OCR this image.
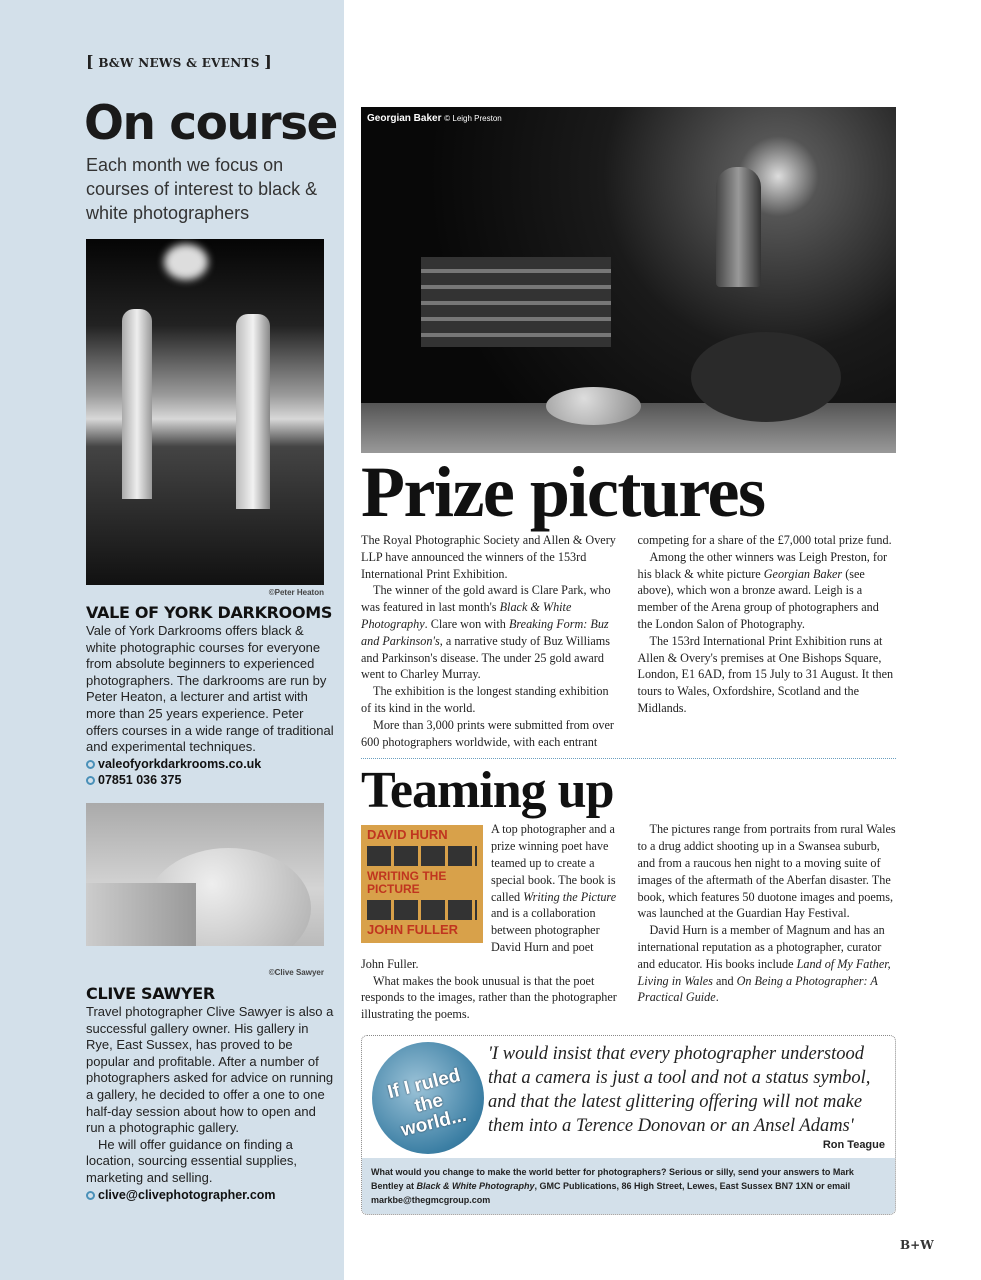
[ B&W NEWS & EVENTS ]
On course
Each month we focus on courses of interest to black & white photographers
©Peter Heaton
VALE OF YORK DARKROOMS
Vale of York Darkrooms offers black & white photographic courses for everyone from absolute beginners to experienced photographers. The darkrooms are run by Peter Heaton, a lecturer and artist with more than 25 years experience. Peter offers courses in a wide range of traditional and experimental techniques.
valeofyorkdarkrooms.co.uk
07851 036 375
©Clive Sawyer
CLIVE SAWYER
Travel photographer Clive Sawyer is also a successful gallery owner. His gallery in Rye, East Sussex, has proved to be popular and profitable. After a number of photographers asked for advice on running a gallery, he decided to offer a one to one half-day session about how to open and run a photographic gallery.
He will offer guidance on finding a location, sourcing essential supplies, marketing and selling.
clive@clivephotographer.com
Georgian Baker © Leigh Preston
Prize pictures

The Royal Photographic Society and Allen & Overy LLP have announced the winners of the 153rd International Print Exhibition.

The winner of the gold award is Clare Park, who was featured in last month's Black & White Photography. Clare won with Breaking Form: Buz and Parkinson's, a narrative study of Buz Williams and Parkinson's disease. The under 25 gold award went to Charley Murray.

The exhibition is the longest standing exhibition of its kind in the world.

More than 3,000 prints were submitted from over 600 photographers worldwide, with each entrant competing for a share of the £7,000 total prize fund.

Among the other winners was Leigh Preston, for his black & white picture Georgian Baker (see above), which won a bronze award. Leigh is a member of the Arena group of photographers and the London Salon of Photography.

The 153rd International Print Exhibition runs at Allen & Overy's premises at One Bishops Square, London, E1 6AD, from 15 July to 31 August. It then tours to Wales, Oxfordshire, Scotland and the Midlands.

Teaming up
DAVID HURN
WRITING THE PICTURE
JOHN FULLER

A top photographer and a prize winning poet have teamed up to create a special book. The book is called Writing the Picture and is a collaboration between photographer David Hurn and poet John Fuller.

What makes the book unusual is that the poet responds to the images, rather than the photographer illustrating the poems.

The pictures range from portraits from rural Wales to a drug addict shooting up in a Swansea suburb, and from a raucous hen night to a moving suite of images of the aftermath of the Aberfan disaster. The book, which features 50 duotone images and poems, was launched at the Guardian Hay Festival.

David Hurn is a member of Magnum and has an international reputation as a photographer, curator and educator. His books include Land of My Father, Living in Wales and On Being a Photographer: A Practical Guide.

If I ruled the world...
'I would insist that every photographer understood that a camera is just a tool and not a status symbol, and that the latest glittering offering will not make them into a Terence Donovan or an Ansel Adams'
Ron Teague
What would you change to make the world better for photographers? Serious or silly, send your answers to Mark Bentley at Black & White Photography, GMC Publications, 86 High Street, Lewes, East Sussex BN7 1XN or email markbe@thegmcgroup.com
B+W
